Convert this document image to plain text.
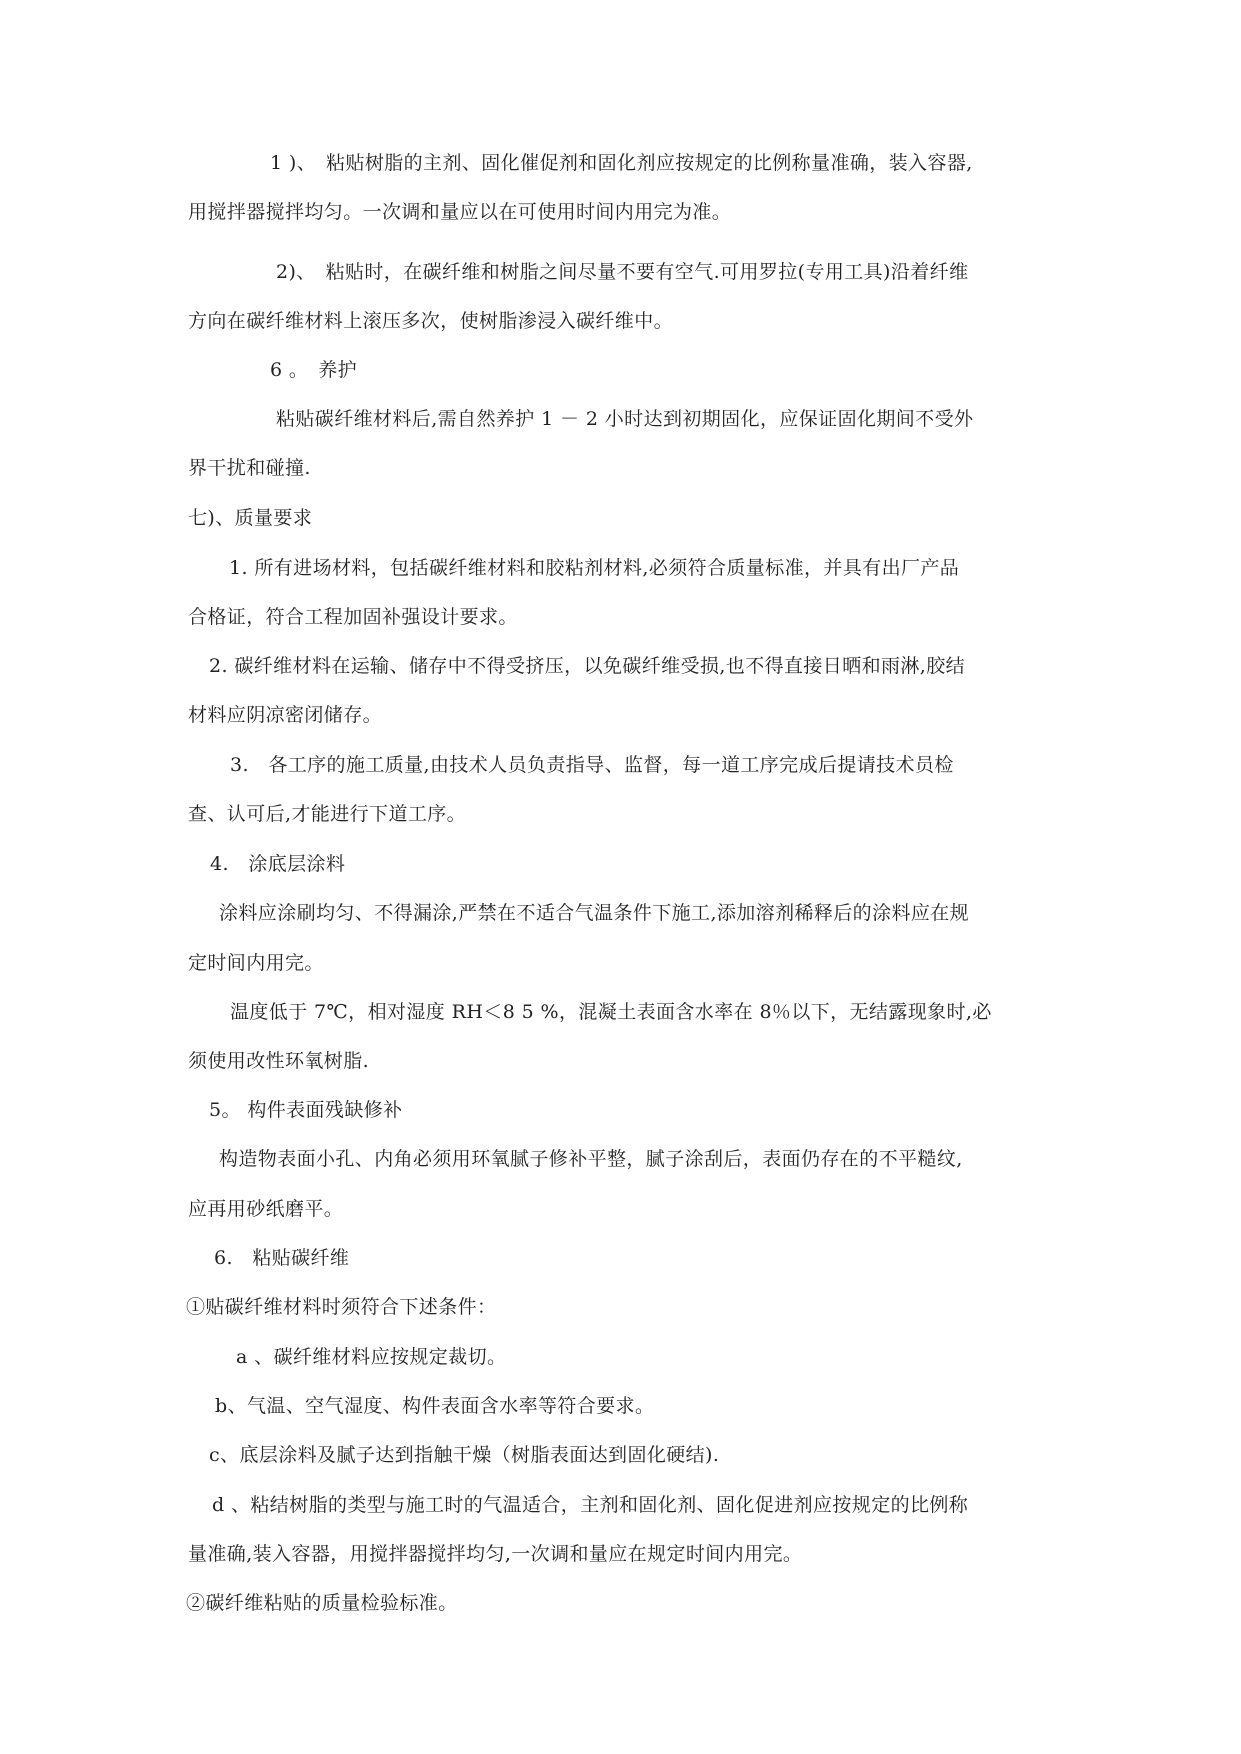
1 )、　粘贴树脂的主剂、固化催促剂和固化剂应按规定的比例称量准确，装入容器,
用搅拌器搅拌均匀。一次调和量应以在可使用时间内用完为准。
2)、　粘贴时，在碳纤维和树脂之间尽量不要有空气.可用罗拉(专用工具)沿着纤维
方向在碳纤维材料上滚压多次，使树脂渗浸入碳纤维中。
6 。　养护
粘贴碳纤维材料后,需自然养护 1 － 2 小时达到初期固化，应保证固化期间不受外
界干扰和碰撞.
七)、质量要求
1. 所有进场材料，包括碳纤维材料和胶粘剂材料,必须符合质量标准，并具有出厂产品
合格证，符合工程加固补强设计要求。
2. 碳纤维材料在运输、储存中不得受挤压，以免碳纤维受损,也不得直接日晒和雨淋,胶结
材料应阴凉密闭储存。
3.　各工序的施工质量,由技术人员负责指导、监督，每一道工序完成后提请技术员检
查、认可后,才能进行下道工序。
4.　涂底层涂料
涂料应涂刷均匀、不得漏涂,严禁在不适合气温条件下施工,添加溶剂稀释后的涂料应在规
定时间内用完。
温度低于 7℃，相对湿度 RH＜8 5 %，混凝土表面含水率在 8％以下，无结露现象时,必
须使用改性环氧树脂.
5。 构件表面残缺修补
构造物表面小孔、内角必须用环氧腻子修补平整，腻子涂刮后，表面仍存在的不平糙纹,
应再用砂纸磨平。
6.　粘贴碳纤维
①贴碳纤维材料时须符合下述条件：
a 、碳纤维材料应按规定裁切。
b、气温、空气湿度、构件表面含水率等符合要求。
c、底层涂料及腻子达到指触干燥（树脂表面达到固化硬结).
d 、粘结树脂的类型与施工时的气温适合，主剂和固化剂、固化促进剂应按规定的比例称
量准确,装入容器，用搅拌器搅拌均匀,一次调和量应在规定时间内用完。
②碳纤维粘贴的质量检验标准。
